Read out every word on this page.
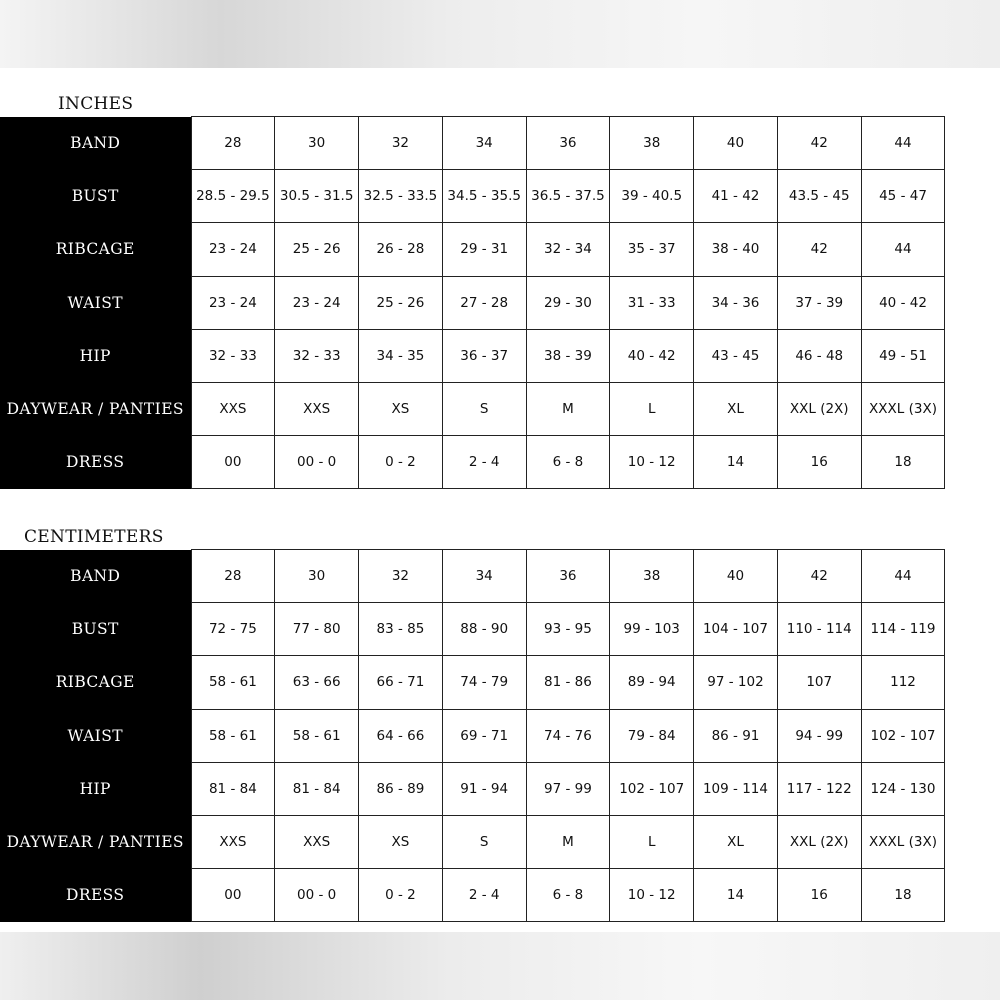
INCHES
BAND	28	30	32	34	36	38	40	42	44
BUST	28.5 - 29.5	30.5 - 31.5	32.5 - 33.5	34.5 - 35.5	36.5 - 37.5	39 - 40.5	41 - 42	43.5 - 45	45 - 47
RIBCAGE	23 - 24	25 - 26	26 - 28	29 - 31	32 - 34	35 - 37	38 - 40	42	44
WAIST	23 - 24	23 - 24	25 - 26	27 - 28	29 - 30	31 - 33	34 - 36	37 - 39	40 - 42
HIP	32 - 33	32 - 33	34 - 35	36 - 37	38 - 39	40 - 42	43 - 45	46 - 48	49 - 51
DAYWEAR / PANTIES	XXS	XXS	XS	S	M	L	XL	XXL (2X)	XXXL (3X)
DRESS	00	00 - 0	0 - 2	2 - 4	6 - 8	10 - 12	14	16	18
CENTIMETERS
BAND	28	30	32	34	36	38	40	42	44
BUST	72 - 75	77 - 80	83 - 85	88 - 90	93 - 95	99 - 103	104 - 107	110 - 114	114 - 119
RIBCAGE	58 - 61	63 - 66	66 - 71	74 - 79	81 - 86	89 - 94	97 - 102	107	112
WAIST	58 - 61	58 - 61	64 - 66	69 - 71	74 - 76	79 - 84	86 - 91	94 - 99	102 - 107
HIP	81 - 84	81 - 84	86 - 89	91 - 94	97 - 99	102 - 107	109 - 114	117 - 122	124 - 130
DAYWEAR / PANTIES	XXS	XXS	XS	S	M	L	XL	XXL (2X)	XXXL (3X)
DRESS	00	00 - 0	0 - 2	2 - 4	6 - 8	10 - 12	14	16	18
